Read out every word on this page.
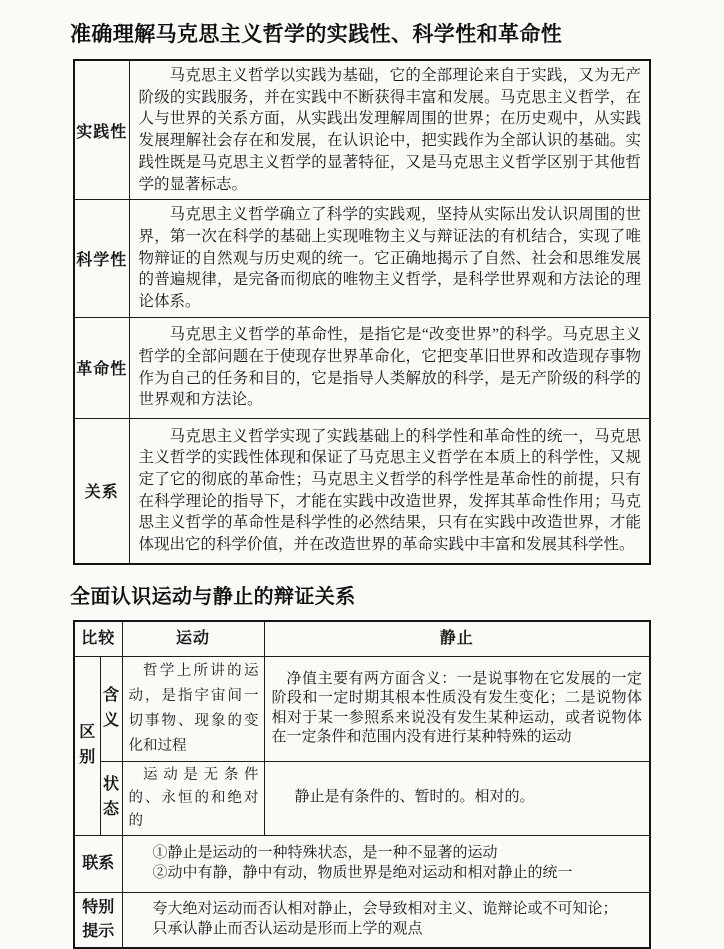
准确理解马克思主义哲学的实践性、科学性和革命性
实践性	马克思主义哲学以实践为基础，它的全部理论来自于实践，又为无产阶级的实践服务，并在实践中不断获得丰富和发展。马克思主义哲学，在人与世界的关系方面，从实践出发理解周围的世界；在历史观中，从实践发展理解社会存在和发展，在认识论中，把实践作为全部认识的基础。实践性既是马克思主义哲学的显著特征，又是马克思主义哲学区别于其他哲学的显著标志。
科学性	马克思主义哲学确立了科学的实践观，坚持从实际出发认识周围的世界，第一次在科学的基础上实现唯物主义与辩证法的有机结合，实现了唯物辩证的自然观与历史观的统一。它正确地揭示了自然、社会和思维发展的普遍规律，是完备而彻底的唯物主义哲学，是科学世界观和方法论的理论体系。
革命性	马克思主义哲学的革命性，是指它是“改变世界”的科学。马克思主义哲学的全部问题在于使现存世界革命化，它把变革旧世界和改造现存事物作为自己的任务和目的，它是指导人类解放的科学，是无产阶级的科学的世界观和方法论。
关系	马克思主义哲学实现了实践基础上的科学性和革命性的统一，马克思主义哲学的实践性体现和保证了马克思主义哲学在本质上的科学性，又规定了它的彻底的革命性；马克思主义哲学的科学性是革命性的前提，只有在科学理论的指导下，才能在实践中改造世界，发挥其革命性作用；马克思主义哲学的革命性是科学性的必然结果，只有在实践中改造世界，才能体现出它的科学价值，并在改造世界的革命实践中丰富和发展其科学性。
全面认识运动与静止的辩证关系
比较		运动	静止
区别	含义	哲学上所讲的运动，是指宇宙间一切事物、现象的变化和过程	净值主要有两方面含义：一是说事物在它发展的一定阶段和一定时期其根本性质没有发生变化；二是说物体相对于某一参照系来说没有发生某种运动，或者说物体在一定条件和范围内没有进行某种特殊的运动
	状态	运动是无条件的、永恒的和绝对的	静止是有条件的、暂时的。相对的。
联系		①静止是运动的一种特殊状态，是一种不显著的运动
②动中有静，静中有动，物质世界是绝对运动和相对静止的统一	

特别提示		夸大绝对运动而否认相对静止，会导致相对主义、诡辩论或不可知论；
只承认静止而否认运动是形而上学的观点	
